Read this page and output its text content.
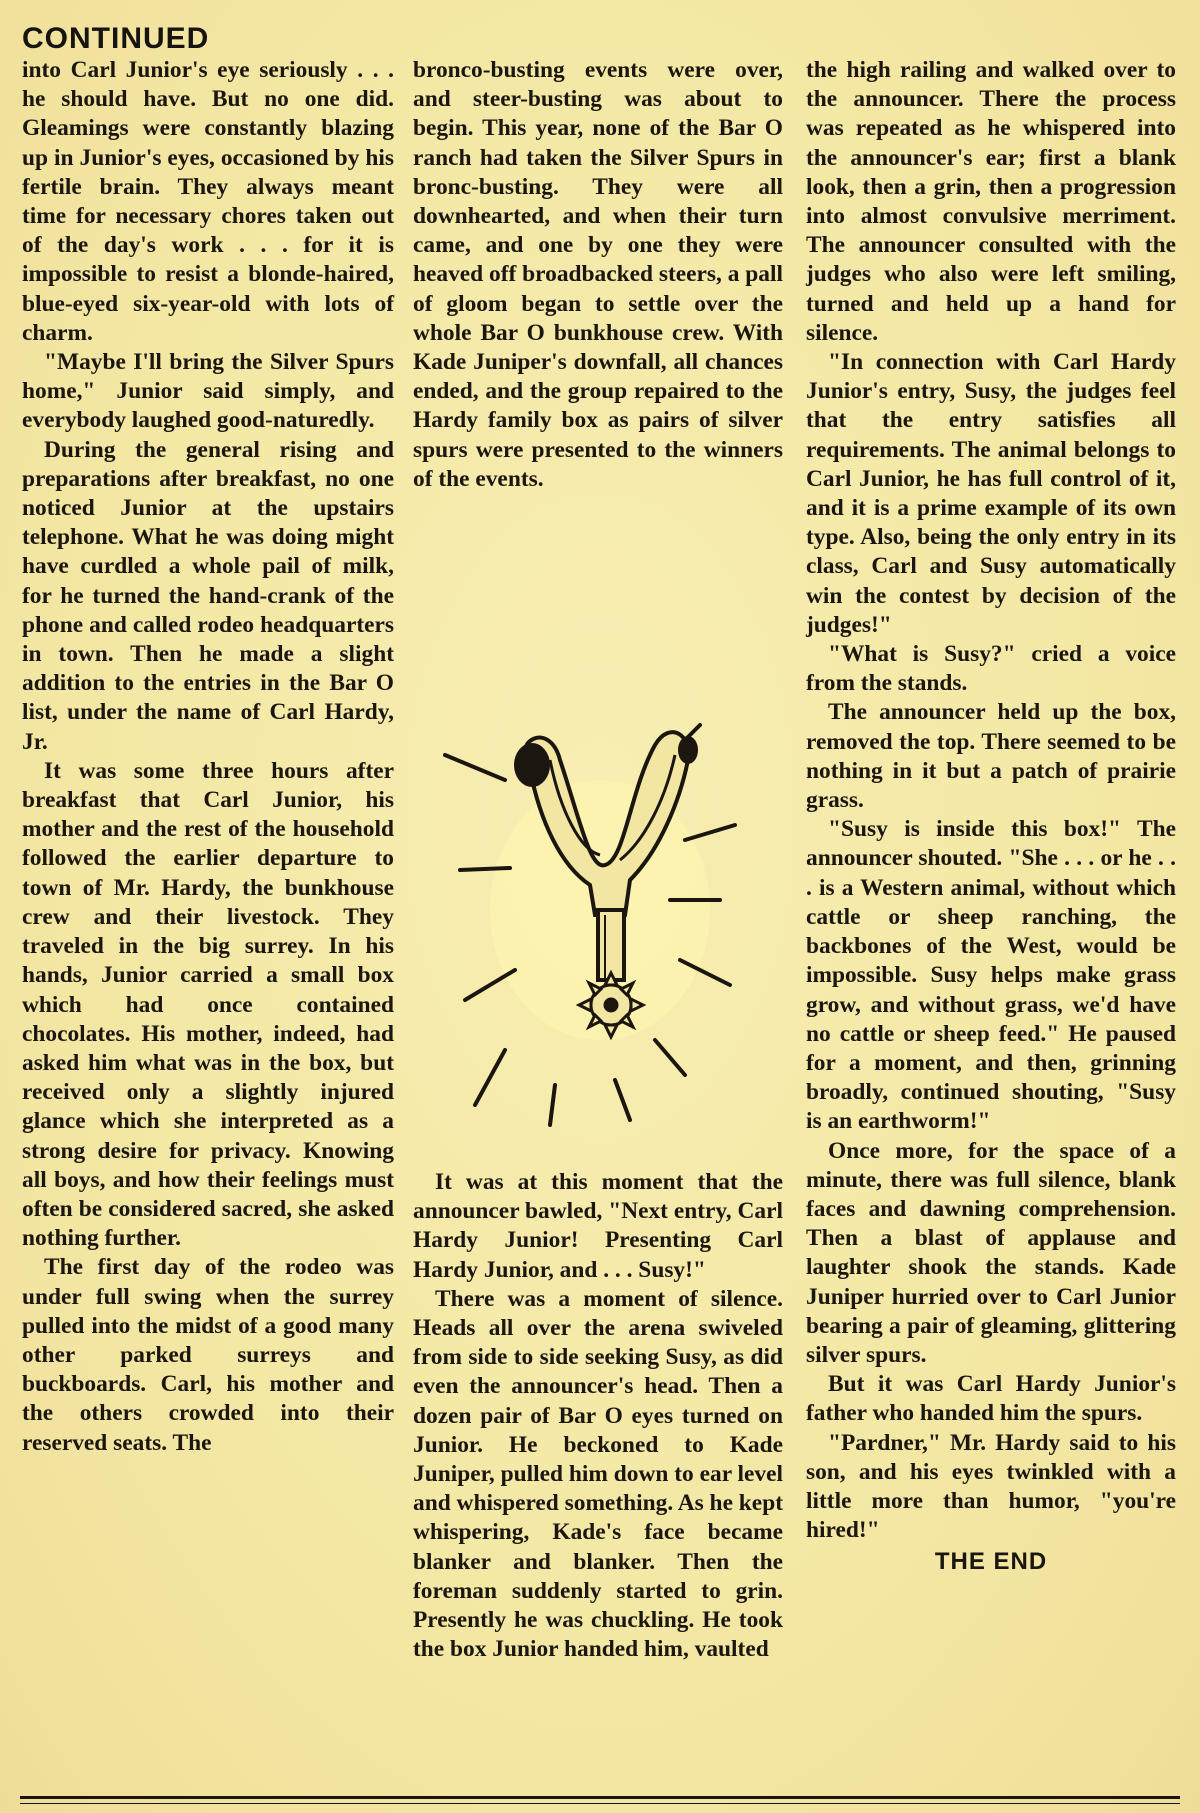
CONTINUED

into Carl Junior's eye seriously . . . he should have. But no one did. Gleamings were constantly blazing up in Junior's eyes, occasioned by his fertile brain. They always meant time for necessary chores taken out of the day's work . . . for it is impossible to resist a blonde-haired, blue-eyed six-year-old with lots of charm.

"Maybe I'll bring the Silver Spurs home," Junior said simply, and everybody laughed good-naturedly.

During the general rising and preparations after breakfast, no one noticed Junior at the upstairs telephone. What he was doing might have curdled a whole pail of milk, for he turned the hand-crank of the phone and called rodeo headquarters in town. Then he made a slight addition to the entries in the Bar O list, under the name of Carl Hardy, Jr.

It was some three hours after breakfast that Carl Junior, his mother and the rest of the household followed the earlier departure to town of Mr. Hardy, the bunkhouse crew and their livestock. They traveled in the big surrey. In his hands, Junior carried a small box which had once contained chocolates. His mother, indeed, had asked him what was in the box, but received only a slightly injured glance which she interpreted as a strong desire for privacy. Knowing all boys, and how their feelings must often be considered sacred, she asked nothing further.

The first day of the rodeo was under full swing when the surrey pulled into the midst of a good many other parked surreys and buckboards. Carl, his mother and the others crowded into their reserved seats. The

bronco-busting events were over, and steer-busting was about to begin. This year, none of the Bar O ranch had taken the Silver Spurs in bronc-busting. They were all downhearted, and when their turn came, and one by one they were heaved off broadbacked steers, a pall of gloom began to settle over the whole Bar O bunkhouse crew. With Kade Juniper's downfall, all chances ended, and the group repaired to the Hardy family box as pairs of silver spurs were presented to the winners of the events.

It was at this moment that the announcer bawled, "Next entry, Carl Hardy Junior! Presenting Carl Hardy Junior, and . . . Susy!"

There was a moment of silence. Heads all over the arena swiveled from side to side seeking Susy, as did even the announcer's head. Then a dozen pair of Bar O eyes turned on Junior. He beckoned to Kade Juniper, pulled him down to ear level and whispered something. As he kept whispering, Kade's face became blanker and blanker. Then the foreman suddenly started to grin. Presently he was chuckling. He took the box Junior handed him, vaulted

the high railing and walked over to the announcer. There the process was repeated as he whispered into the announcer's ear; first a blank look, then a grin, then a progression into almost convulsive merriment. The announcer consulted with the judges who also were left smiling, turned and held up a hand for silence.

"In connection with Carl Hardy Junior's entry, Susy, the judges feel that the entry satisfies all requirements. The animal belongs to Carl Junior, he has full control of it, and it is a prime example of its own type. Also, being the only entry in its class, Carl and Susy automatically win the contest by decision of the judges!"

"What is Susy?" cried a voice from the stands.

The announcer held up the box, removed the top. There seemed to be nothing in it but a patch of prairie grass.

"Susy is inside this box!" The announcer shouted. "She . . . or he . . . is a Western animal, without which cattle or sheep ranching, the backbones of the West, would be impossible. Susy helps make grass grow, and without grass, we'd have no cattle or sheep feed." He paused for a moment, and then, grinning broadly, continued shouting, "Susy is an earthworm!"

Once more, for the space of a minute, there was full silence, blank faces and dawning comprehension. Then a blast of applause and laughter shook the stands. Kade Juniper hurried over to Carl Junior bearing a pair of gleaming, glittering silver spurs.

But it was Carl Hardy Junior's father who handed him the spurs.

"Pardner," Mr. Hardy said to his son, and his eyes twinkled with a little more than humor, "you're hired!"

THE END
